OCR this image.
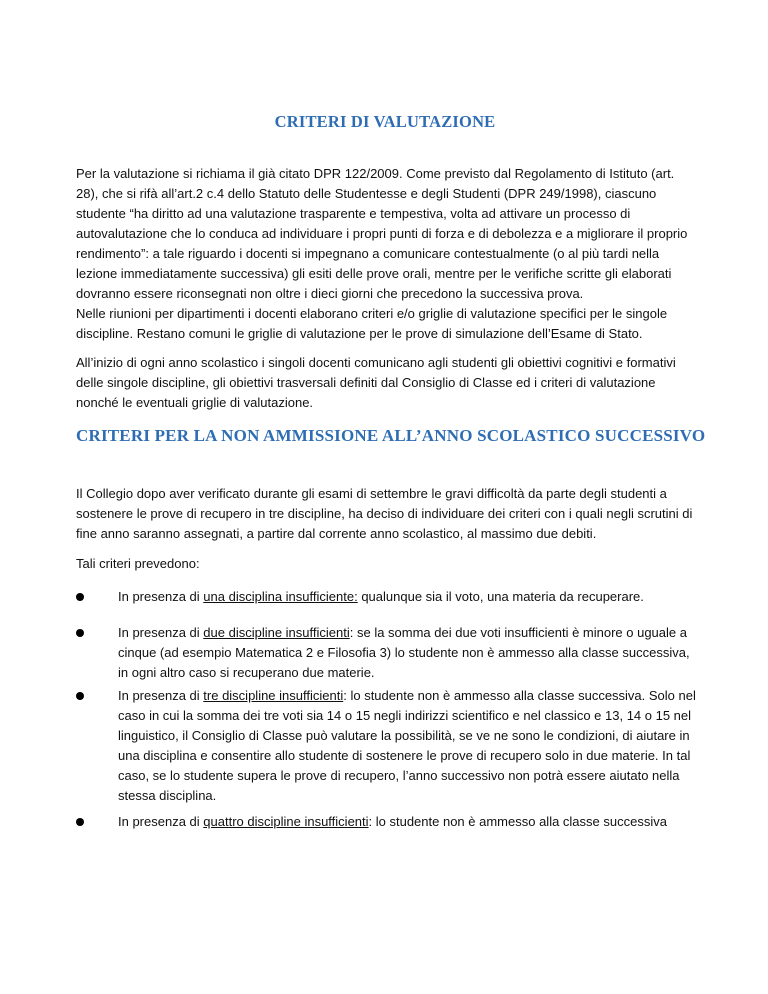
CRITERI DI VALUTAZIONE

Per la valutazione si richiama il già citato DPR 122/2009. Come previsto dal Regolamento di Istituto (art. 28), che si rifà all’art.2 c.4 dello Statuto delle Studentesse e degli Studenti (DPR 249/1998), ciascuno studente “ha diritto ad una valutazione trasparente e tempestiva, volta ad attivare un processo di autovalutazione che lo conduca ad individuare i propri punti di forza e di debolezza e a migliorare il proprio rendimento”: a tale riguardo i docenti si impegnano a comunicare contestualmente (o al più tardi nella lezione immediatamente successiva) gli esiti delle prove orali, mentre per le verifiche scritte gli elaborati dovranno essere riconsegnati non oltre i dieci giorni che precedono la successiva prova.

Nelle riunioni per dipartimenti i docenti elaborano criteri e/o griglie di valutazione specifici per le singole discipline. Restano comuni le griglie di valutazione per le prove di simulazione dell’Esame di Stato.

All’inizio di ogni anno scolastico i singoli docenti comunicano agli studenti gli obiettivi cognitivi e formativi delle singole discipline, gli obiettivi trasversali definiti dal Consiglio di Classe ed i criteri di valutazione nonché le eventuali griglie di valutazione.

CRITERI PER LA NON AMMISSIONE ALL’ANNO SCOLASTICO SUCCESSIVO

Il Collegio dopo aver verificato durante gli esami di settembre le gravi difficoltà da parte degli studenti a sostenere le prove di recupero in tre discipline, ha deciso di individuare dei criteri con i quali negli scrutini di fine anno saranno assegnati, a partire dal corrente anno scolastico, al massimo due debiti.

Tali criteri prevedono:

In presenza di una disciplina insufficiente: qualunque sia il voto, una materia da recuperare.
In presenza di due discipline insufficienti: se la somma dei due voti insufficienti è minore o uguale a cinque (ad esempio Matematica 2 e Filosofia 3) lo studente non è ammesso alla classe successiva, in ogni altro caso si recuperano due materie.
In presenza di tre discipline insufficienti: lo studente non è ammesso alla classe successiva. Solo nel caso in cui la somma dei tre voti sia 14 o 15 negli indirizzi scientifico e nel classico e 13, 14 o 15 nel linguistico, il Consiglio di Classe può valutare la possibilità, se ve ne sono le condizioni, di aiutare in una disciplina e consentire allo studente di sostenere le prove di recupero solo in due materie. In tal caso, se lo studente supera le prove di recupero, l’anno successivo non potrà essere aiutato nella stessa disciplina.
In presenza di quattro discipline insufficienti: lo studente non è ammesso alla classe successiva
